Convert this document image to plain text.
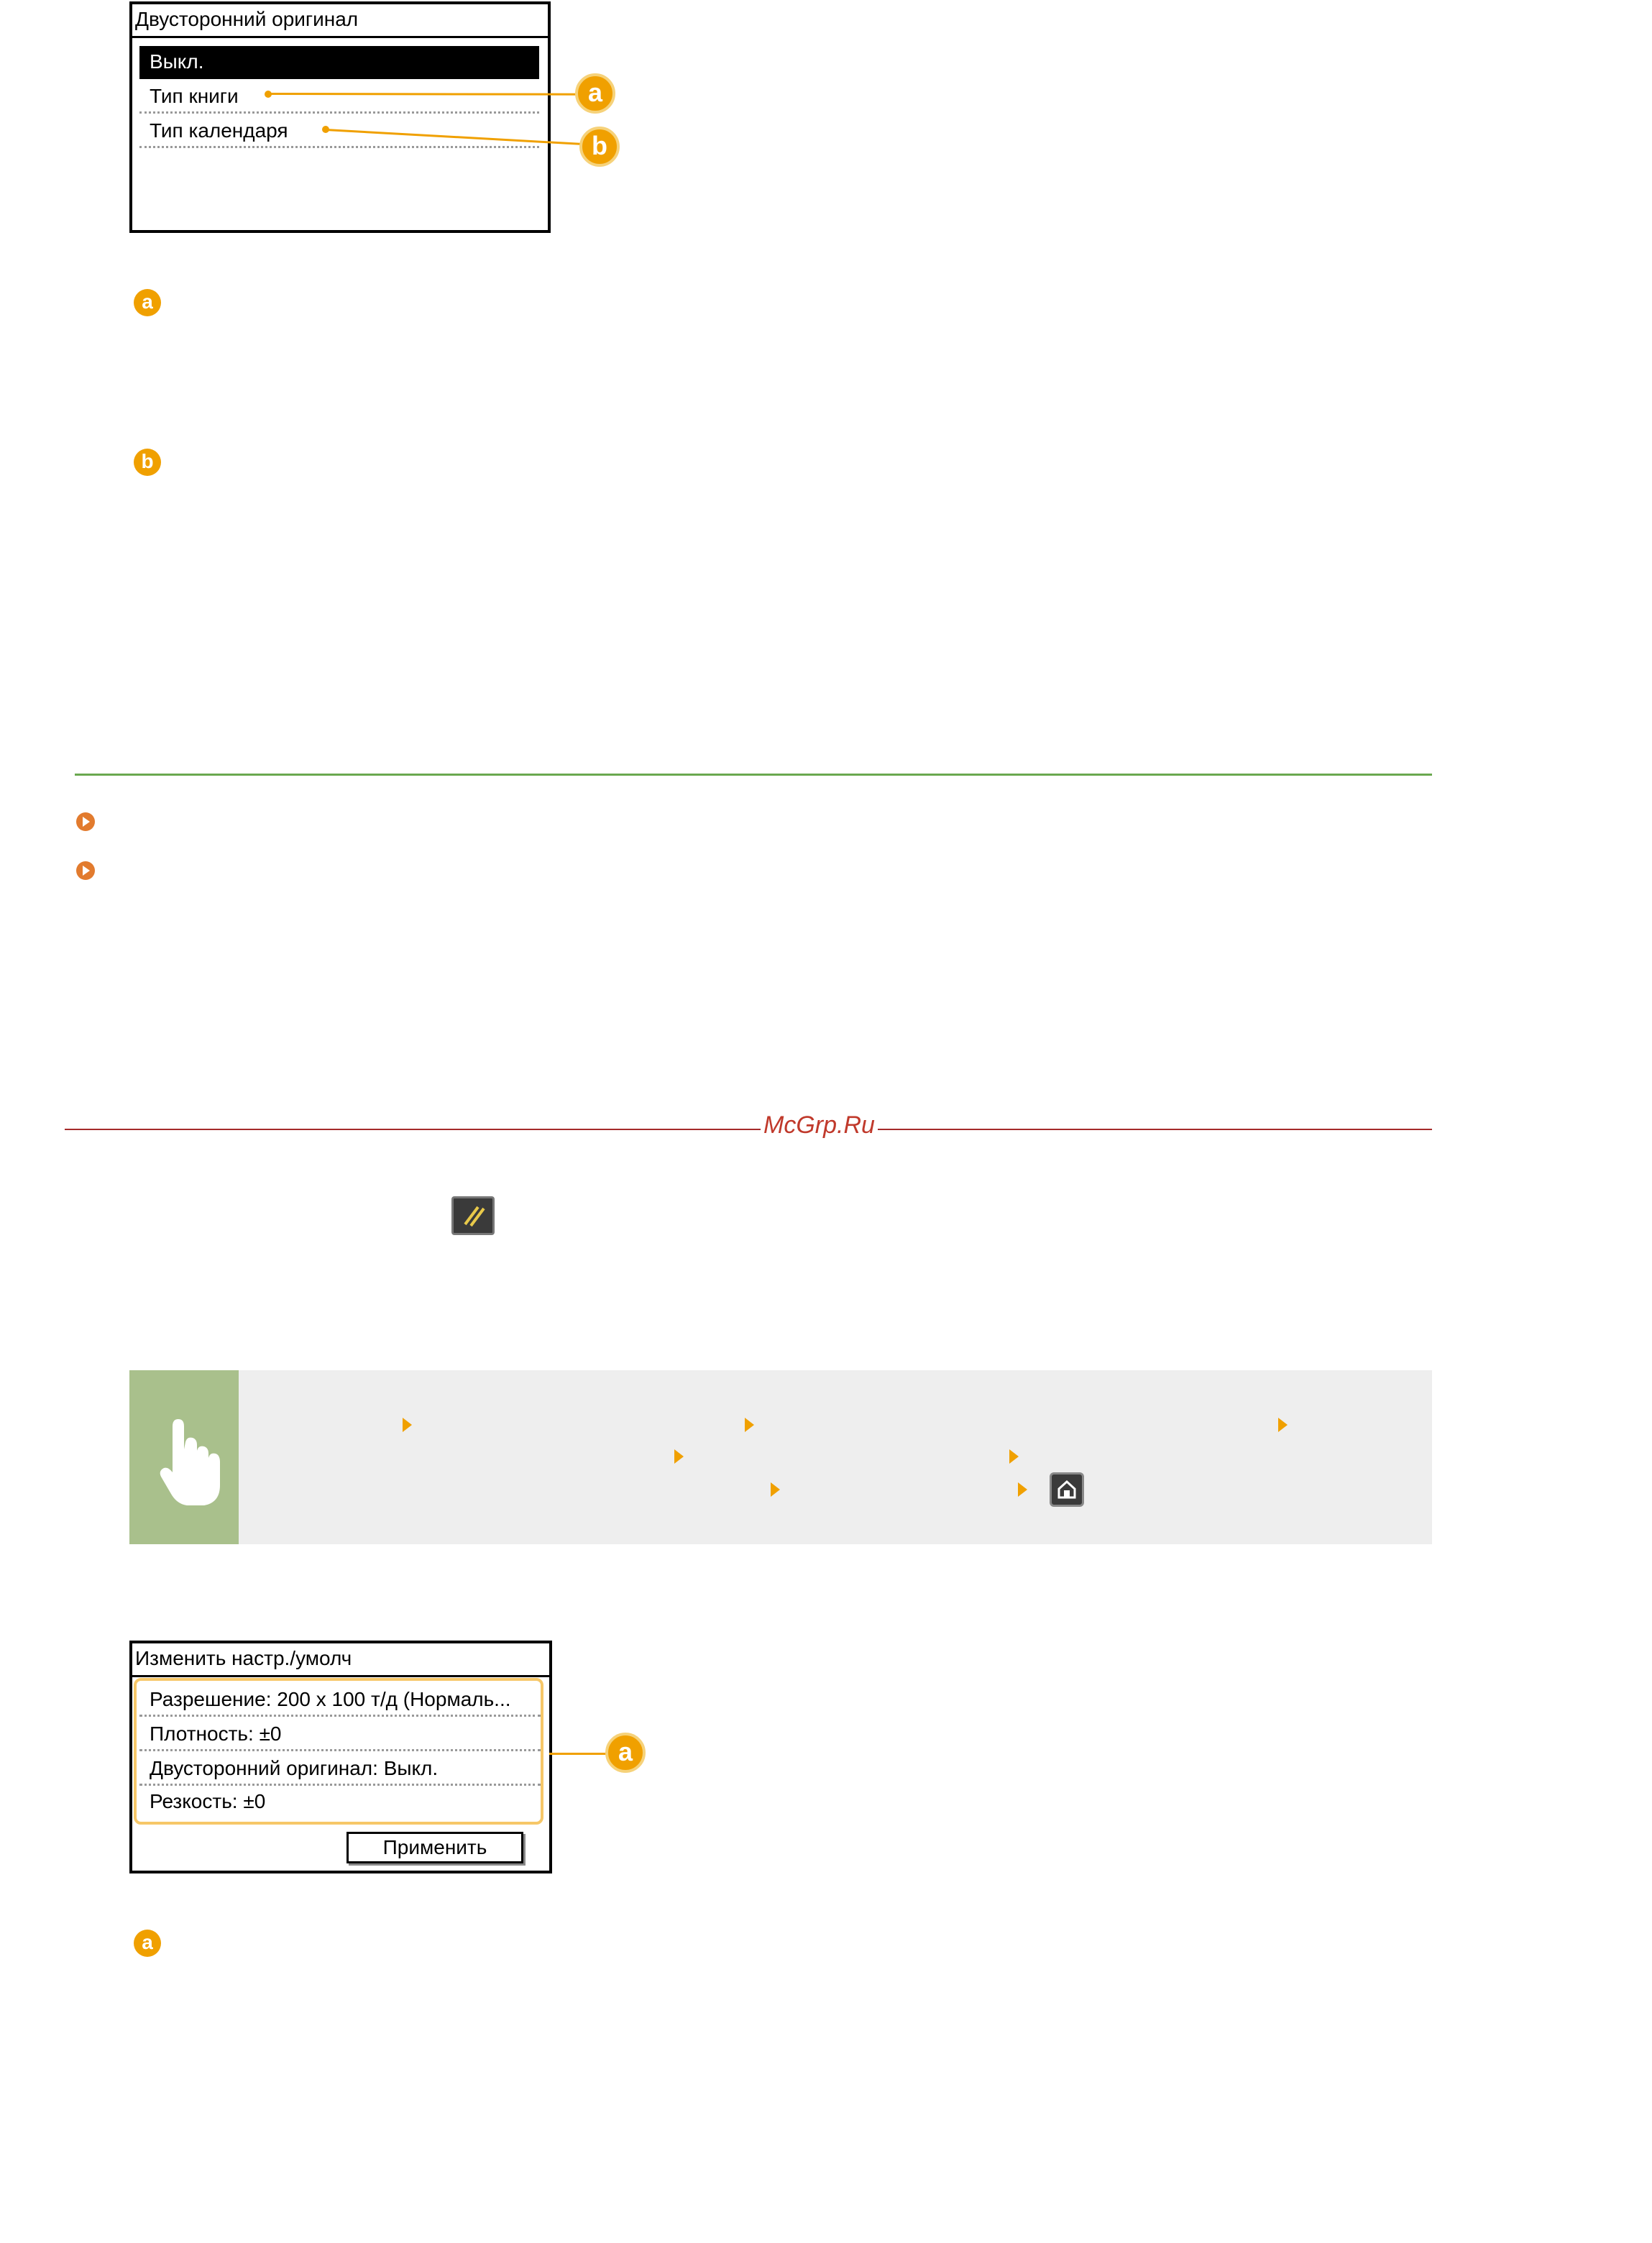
Двусторонний оригинал
Выкл.
Тип книги
Тип календаря
a
b
a
b
McGrp.Ru
Изменить настр./умолч
Разрешение: 200 x 100 т/д (Нормаль...
Плотность: ±0
Двусторонний оригинал: Выкл.
Резкость: ±0
Применить
a
a
